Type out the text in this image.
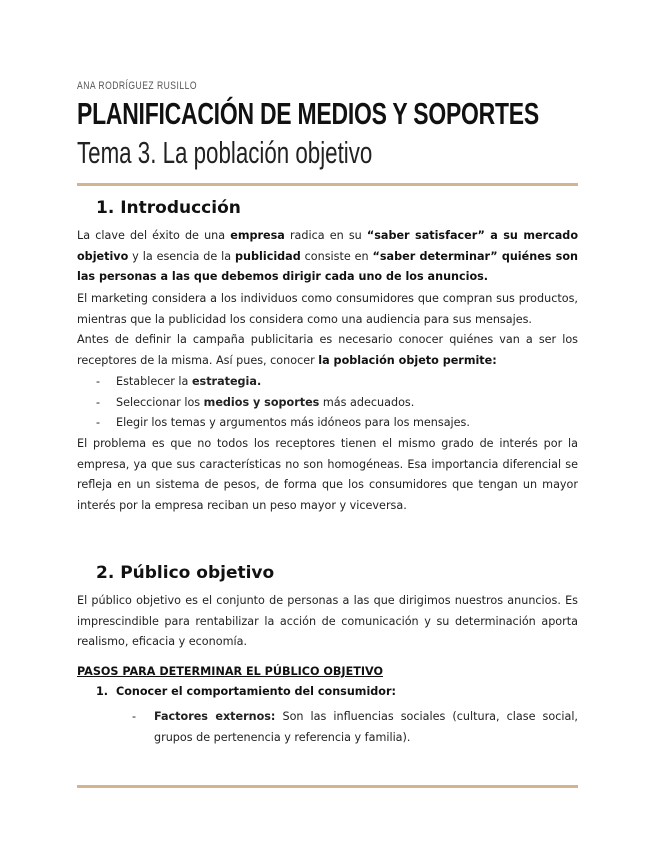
ANA RODRÍGUEZ RUSILLO
PLANIFICACIÓN DE MEDIOS Y SOPORTES
Tema 3. La población objetivo
1. Introducción
La clave del éxito de una empresa radica en su “saber satisfacer” a su mercado objetivo y la esencia de la publicidad consiste en “saber determinar” quiénes son las personas a las que debemos dirigir cada uno de los anuncios.
El marketing considera a los individuos como consumidores que compran sus productos, mientras que la publicidad los considera como una audiencia para sus mensajes.
Antes de definir la campaña publicitaria es necesario conocer quiénes van a ser los receptores de la misma. Así pues, conocer la población objeto permite:
- Establecer la estrategia.
- Seleccionar los medios y soportes más adecuados.
- Elegir los temas y argumentos más idóneos para los mensajes.
El problema es que no todos los receptores tienen el mismo grado de interés por la empresa, ya que sus características no son homogéneas. Esa importancia diferencial se refleja en un sistema de pesos, de forma que los consumidores que tengan un mayor interés por la empresa reciban un peso mayor y viceversa.
2. Público objetivo
El público objetivo es el conjunto de personas a las que dirigimos nuestros anuncios. Es imprescindible para rentabilizar la acción de comunicación y su determinación aporta realismo, eficacia y economía.
PASOS PARA DETERMINAR EL PÚBLICO OBJETIVO
1. Conocer el comportamiento del consumidor:
- Factores externos: Son las influencias sociales (cultura, clase social, grupos de pertenencia y referencia y familia).
